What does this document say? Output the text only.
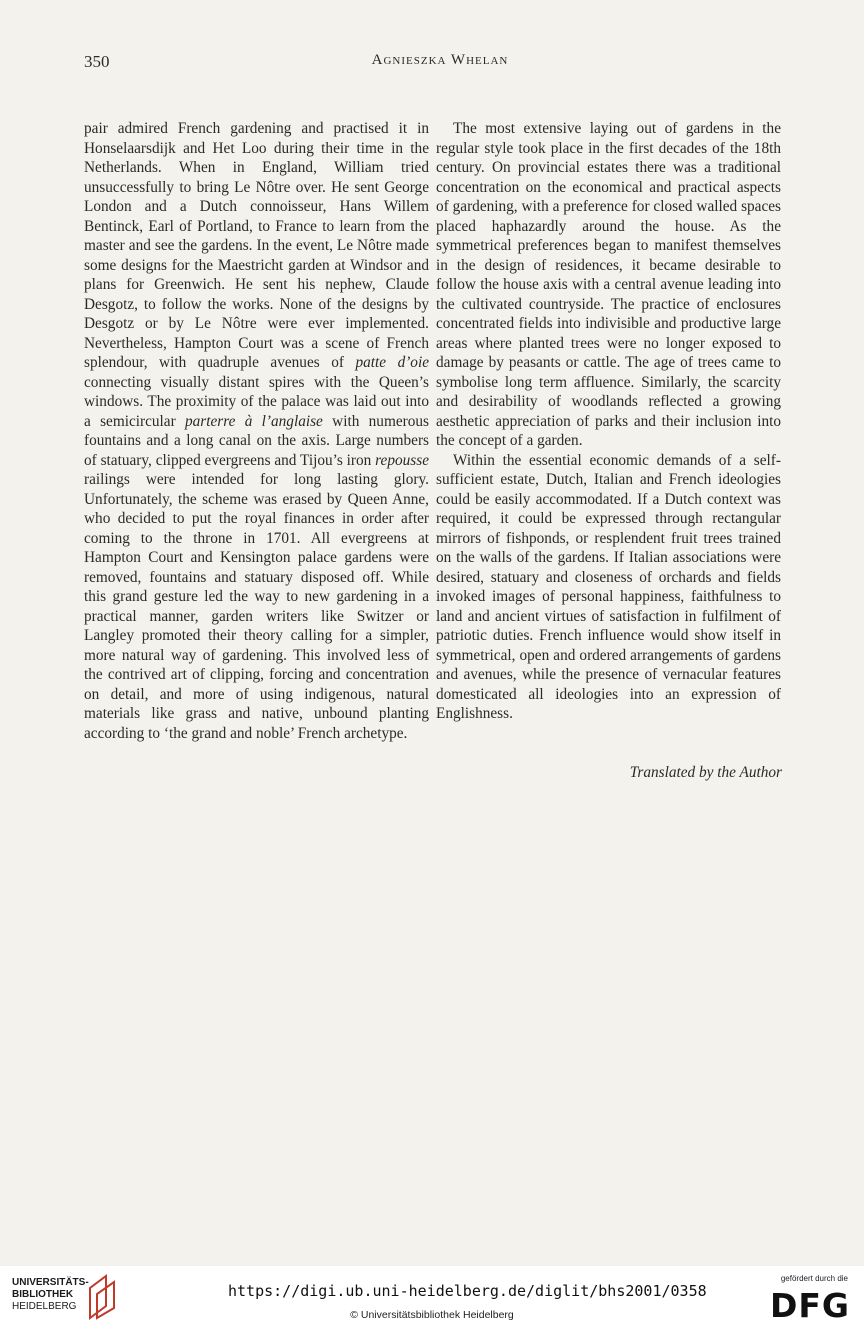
350	Agnieszka Whelan

pair admired French gardening and practised it in Honselaarsdijk and Het Loo during their time in the Netherlands. When in England, William tried unsuccessfully to bring Le Nôtre over. He sent George London and a Dutch connoisseur, Hans Willem Bentinck, Earl of Portland, to France to learn from the master and see the gardens. In the event, Le Nôtre made some designs for the Maestricht garden at Windsor and plans for Greenwich. He sent his nephew, Claude Desgotz, to follow the works. None of the designs by Desgotz or by Le Nôtre were ever implemented. Nevertheless, Hampton Court was a scene of French splendour, with quadruple avenues of patte d’oie connecting visually distant spires with the Queen’s windows. The proximity of the palace was laid out into a semicircular parterre à l’anglaise with numerous fountains and a long canal on the axis. Large numbers of statuary, clipped evergreens and Tijou’s iron repousse railings were intended for long lasting glory. Unfortunately, the scheme was erased by Queen Anne, who decided to put the royal finances in order after coming to the throne in 1701. All evergreens at Hampton Court and Kensington palace gardens were removed, fountains and statuary disposed off. While this grand gesture led the way to new gardening in a practical manner, garden writers like Switzer or Langley promoted their theory calling for a simpler, more natural way of gardening. This involved less of the contrived art of clipping, forcing and concentration on detail, and more of using indigenous, natural materials like grass and native, unbound planting according to ‘the grand and noble’ French archetype.

The most extensive laying out of gardens in the regular style took place in the first decades of the 18th century. On provincial estates there was a traditional concentration on the economical and practical aspects of gardening, with a preference for closed walled spaces placed haphazardly around the house. As the symmetrical preferences began to manifest themselves in the design of residences, it became desirable to follow the house axis with a central avenue leading into the cultivated countryside. The practice of enclosures concentrated fields into indivisible and productive large areas where planted trees were no longer exposed to damage by peasants or cattle. The age of trees came to symbolise long term affluence. Similarly, the scarcity and desirability of woodlands reflected a growing aesthetic appreciation of parks and their inclusion into the concept of a garden.

Within the essential economic demands of a self-sufficient estate, Dutch, Italian and French ideologies could be easily accommodated. If a Dutch context was required, it could be expressed through rectangular mirrors of fishponds, or resplendent fruit trees trained on the walls of the gardens. If Italian associations were desired, statuary and closeness of orchards and fields invoked images of personal happiness, faithfulness to land and ancient virtues of satisfaction in fulfilment of patriotic duties. French influence would show itself in symmetrical, open and ordered arrangements of gardens and avenues, while the presence of vernacular features domesticated all ideologies into an expression of Englishness.

Translated by the Author
UNIVERSITÄTS-
BIBLIOTHEK
HEIDELBERG
https://digi.ub.uni-heidelberg.de/diglit/bhs2001/0358
© Universitätsbibliothek Heidelberg
gefördert durch die
DFG
